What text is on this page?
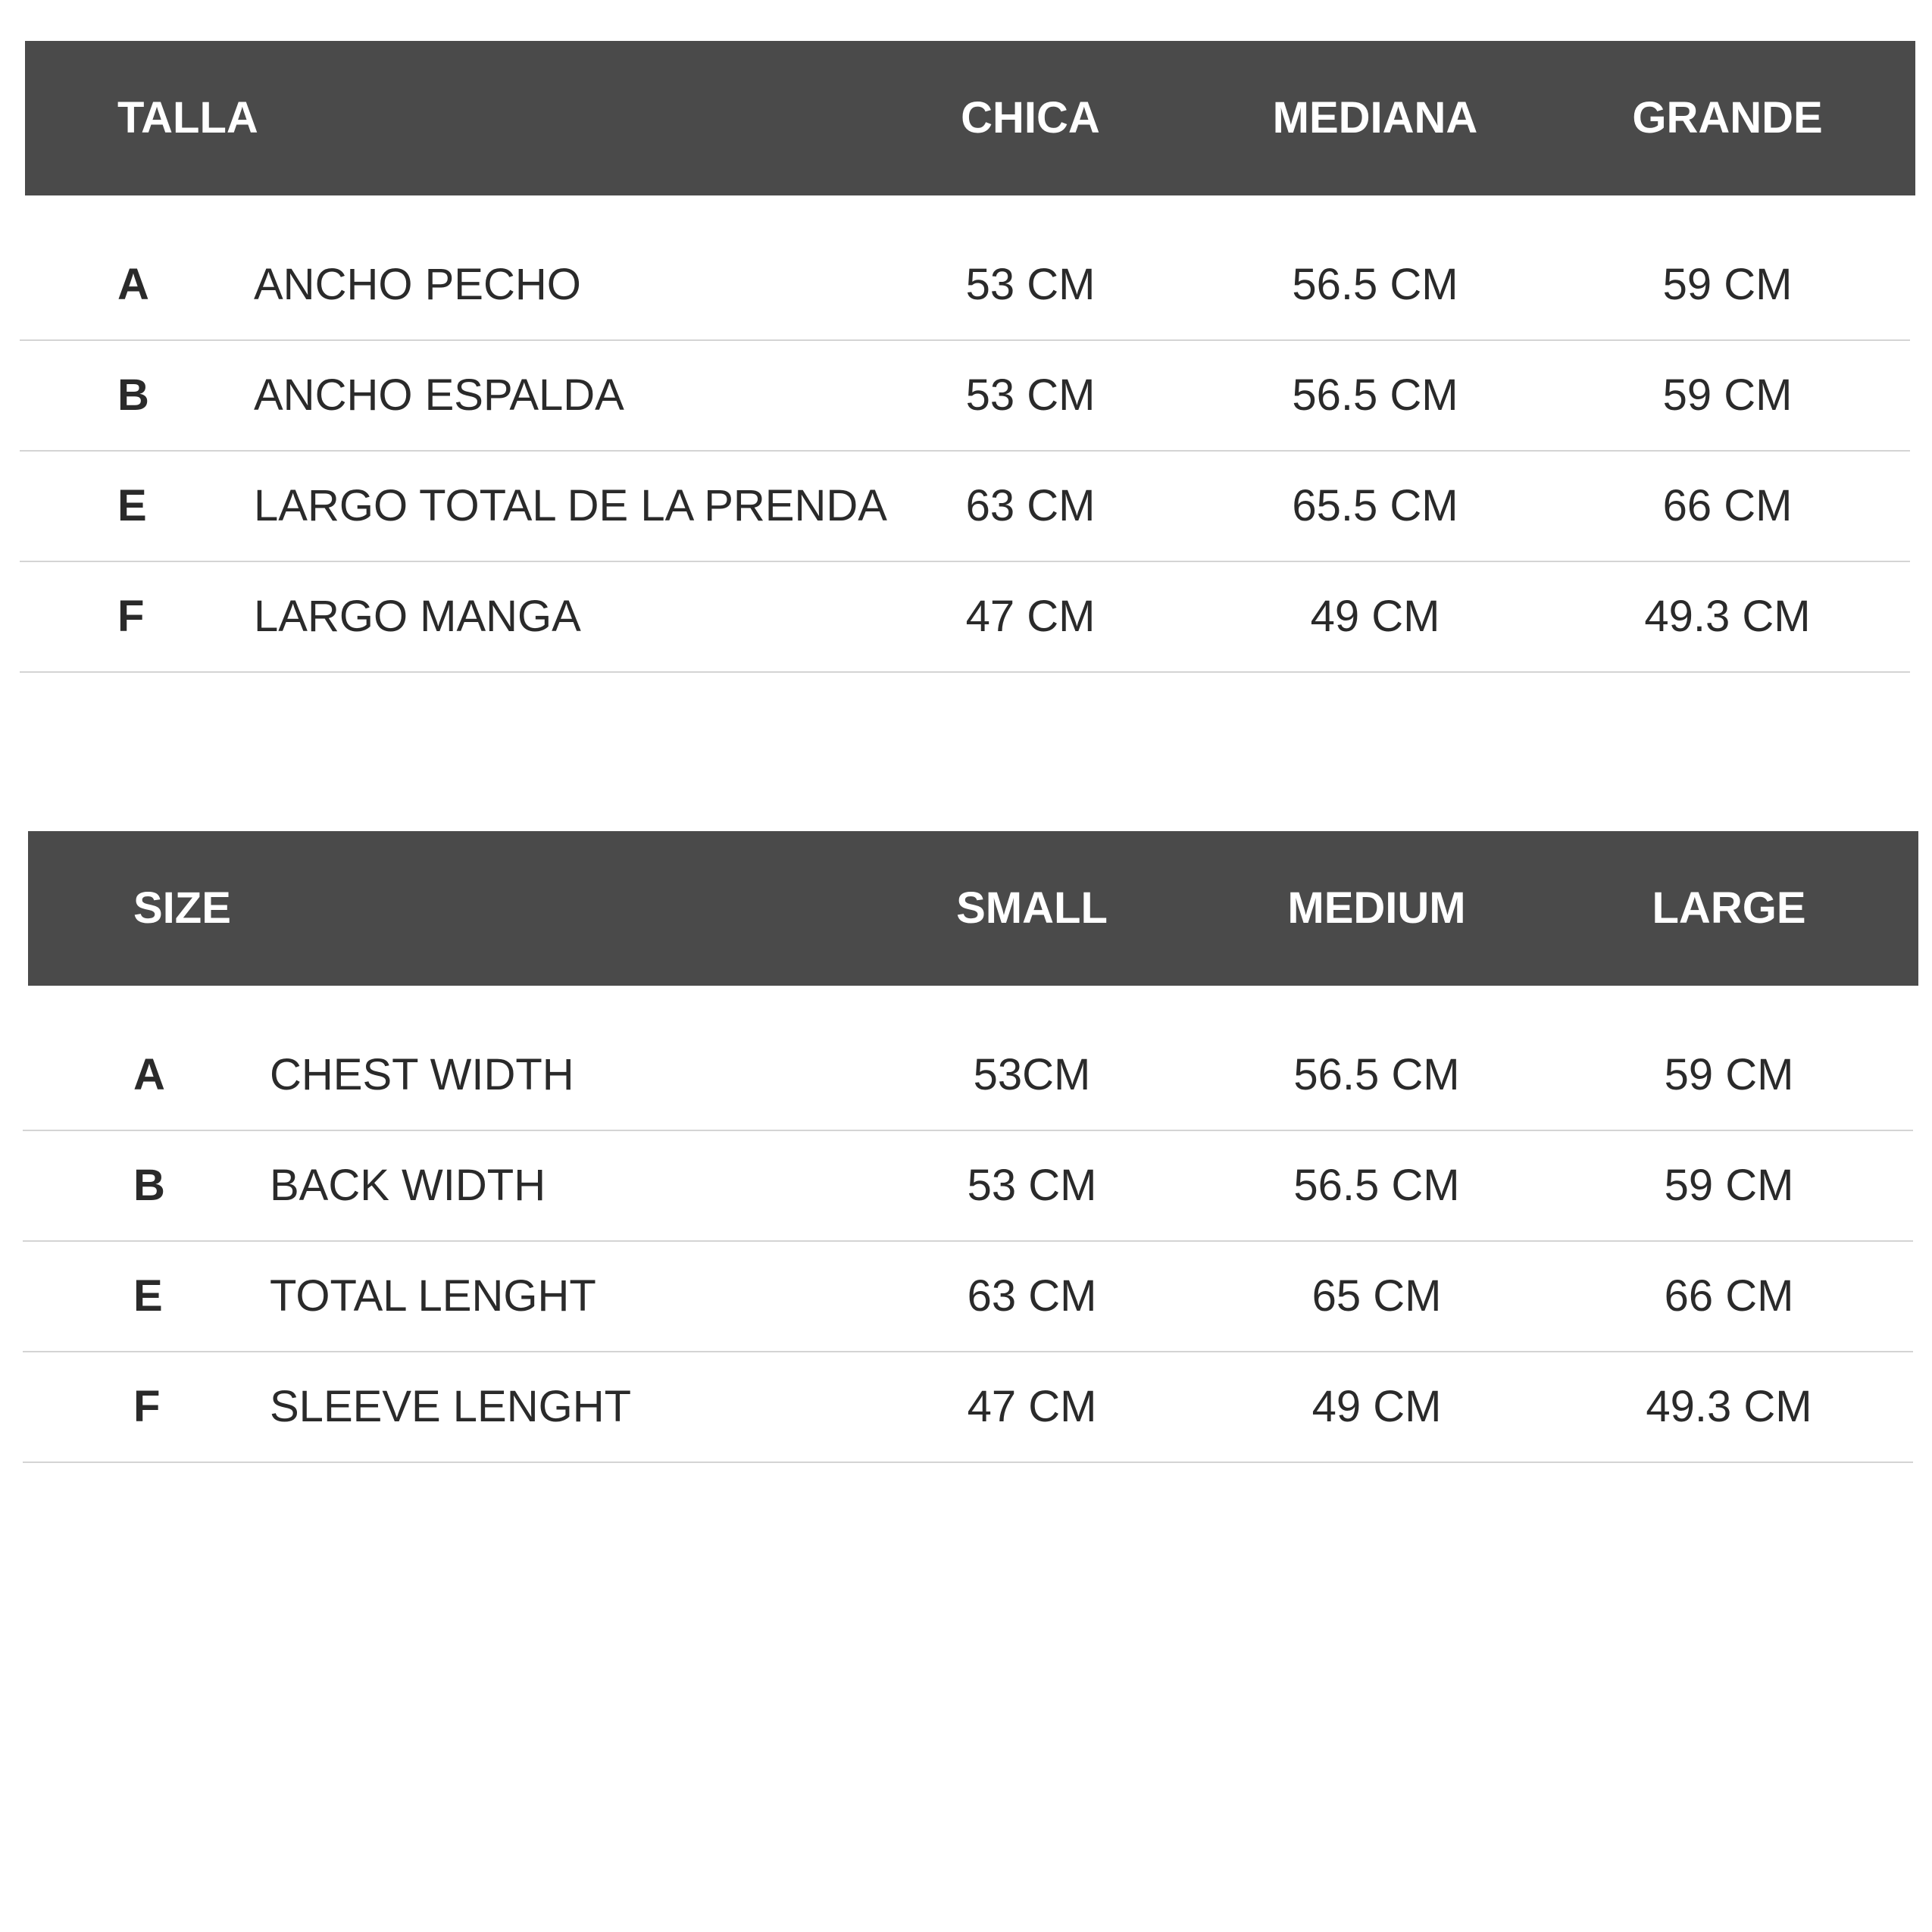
TALLA	CHICA	MEDIANA	GRANDE
A ANCHO PECHO	53 CM	56.5 CM	59 CM
B ANCHO ESPALDA	53 CM	56.5 CM	59 CM
E LARGO TOTAL DE LA PRENDA	63 CM	65.5 CM	66 CM
F LARGO MANGA	47 CM	49 CM	49.3 CM
SIZE	SMALL	MEDIUM	LARGE
A CHEST WIDTH	53CM	56.5 CM	59 CM
B BACK WIDTH	53 CM	56.5 CM	59 CM
E TOTAL LENGHT	63 CM	65 CM	66 CM
F SLEEVE LENGHT	47 CM	49 CM	49.3 CM
